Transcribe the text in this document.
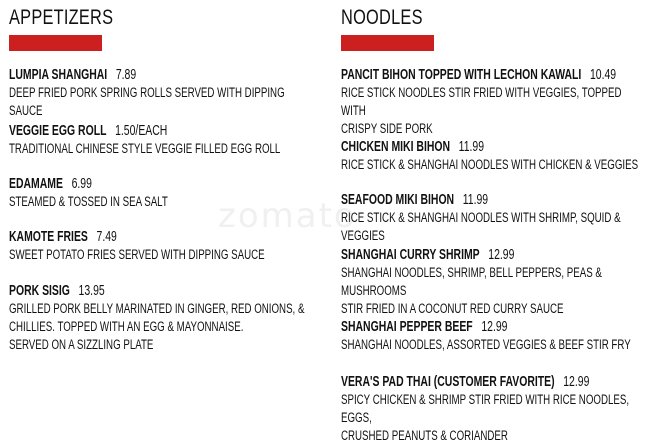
zomato
APPETIZERS
LUMPIA SHANGHAI 7.89
DEEP FRIED PORK SPRING ROLLS SERVED WITH DIPPING SAUCE
VEGGIE EGG ROLL 1.50/EACH
TRADITIONAL CHINESE STYLE VEGGIE FILLED EGG ROLL
EDAMAME 6.99
STEAMED & TOSSED IN SEA SALT
KAMOTE FRIES 7.49
SWEET POTATO FRIES SERVED WITH DIPPING SAUCE
PORK SISIG 13.95
GRILLED PORK BELLY MARINATED IN GINGER, RED ONIONS, &
CHILLIES. TOPPED WITH AN EGG & MAYONNAISE.
SERVED ON A SIZZLING PLATE
NOODLES
PANCIT BIHON TOPPED WITH LECHON KAWALI 10.49
RICE STICK NOODLES STIR FRIED WITH VEGGIES, TOPPED WITH
CRISPY SIDE PORK
CHICKEN MIKI BIHON 11.99
RICE STICK & SHANGHAI NOODLES WITH CHICKEN & VEGGIES
SEAFOOD MIKI BIHON 11.99
RICE STICK & SHANGHAI NOODLES WITH SHRIMP, SQUID & VEGGIES
SHANGHAI CURRY SHRIMP 12.99
SHANGHAI NOODLES, SHRIMP, BELL PEPPERS, PEAS & MUSHROOMS
STIR FRIED IN A COCONUT RED CURRY SAUCE
SHANGHAI PEPPER BEEF 12.99
SHANGHAI NOODLES, ASSORTED VEGGIES & BEEF STIR FRY
VERA'S PAD THAI (CUSTOMER FAVORITE) 12.99
SPICY CHICKEN & SHRIMP STIR FRIED WITH RICE NOODLES, EGGS,
CRUSHED PEANUTS & CORIANDER
